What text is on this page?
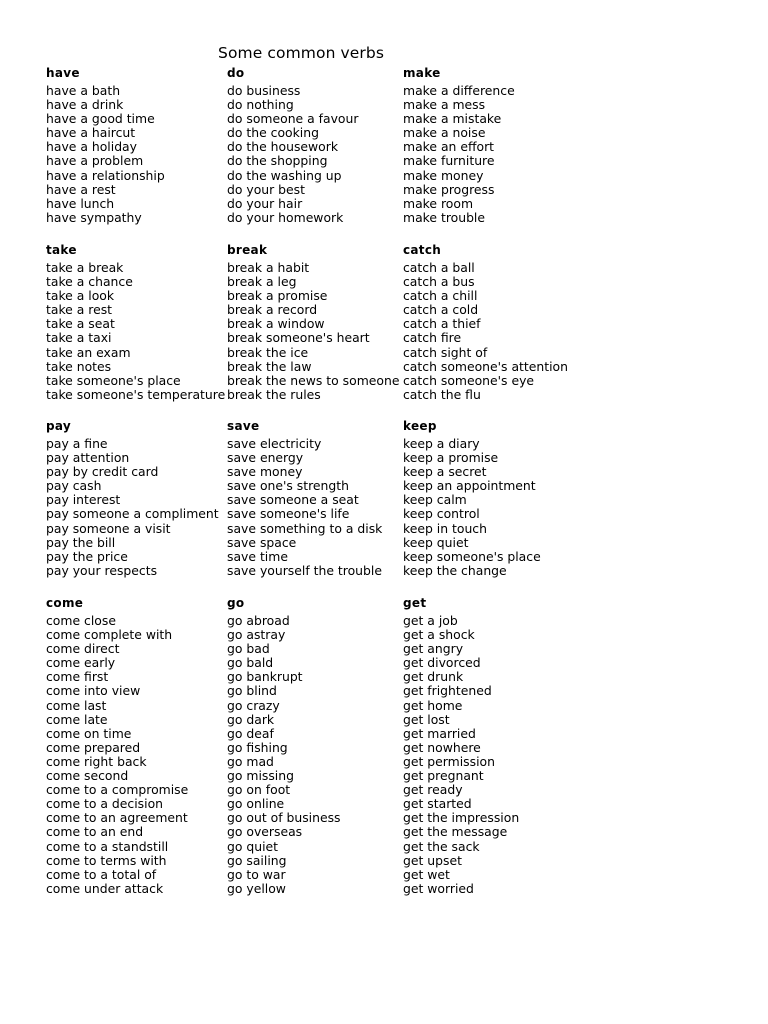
Some common verbs
have
have a bath
have a drink
have a good time
have a haircut
have a holiday
have a problem
have a relationship
have a rest
have lunch
have sympathy
do
do business
do nothing
do someone a favour
do the cooking
do the housework
do the shopping
do the washing up
do your best
do your hair
do your homework
make
make a difference
make a mess
make a mistake
make a noise
make an effort
make furniture
make money
make progress
make room
make trouble
take
take a break
take a chance
take a look
take a rest
take a seat
take a taxi
take an exam
take notes
take someone's place
take someone's temperature
break
break a habit
break a leg
break a promise
break a record
break a window
break someone's heart
break the ice
break the law
break the news to someone
break the rules
catch
catch a ball
catch a bus
catch a chill
catch a cold
catch a thief
catch fire
catch sight of
catch someone's attention
catch someone's eye
catch the flu
pay
pay a fine
pay attention
pay by credit card
pay cash
pay interest
pay someone a compliment
pay someone a visit
pay the bill
pay the price
pay your respects
save
save electricity
save energy
save money
save one's strength
save someone a seat
save someone's life
save something to a disk
save space
save time
save yourself the trouble
keep
keep a diary
keep a promise
keep a secret
keep an appointment
keep calm
keep control
keep in touch
keep quiet
keep someone's place
keep the change
come
come close
come complete with
come direct
come early
come first
come into view
come last
come late
come on time
come prepared
come right back
come second
come to a compromise
come to a decision
come to an agreement
come to an end
come to a standstill
come to terms with
come to a total of
come under attack
go
go abroad
go astray
go bad
go bald
go bankrupt
go blind
go crazy
go dark
go deaf
go fishing
go mad
go missing
go on foot
go online
go out of business
go overseas
go quiet
go sailing
go to war
go yellow
get
get a job
get a shock
get angry
get divorced
get drunk
get frightened
get home
get lost
get married
get nowhere
get permission
get pregnant
get ready
get started
get the impression
get the message
get the sack
get upset
get wet
get worried
